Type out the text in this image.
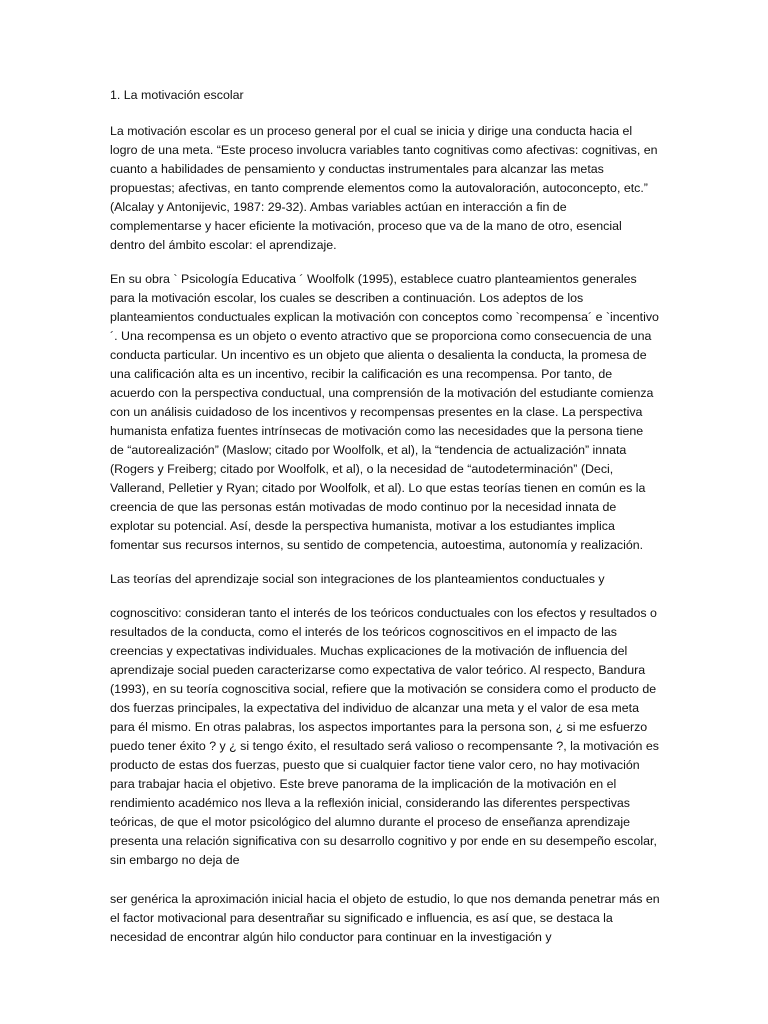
1. La motivación escolar

La motivación escolar es un proceso general por el cual se inicia y dirige una conducta hacia el logro de una meta. “Este proceso involucra variables tanto cognitivas como afectivas: cognitivas, en cuanto a habilidades de pensamiento y conductas instrumentales para alcanzar las metas propuestas; afectivas, en tanto comprende elementos como la autovaloración, autoconcepto, etc.” (Alcalay y Antonijevic, 1987: 29-32). Ambas variables actúan en interacción a fin de complementarse y hacer eficiente la motivación, proceso que va de la mano de otro, esencial dentro del ámbito escolar: el aprendizaje.

En su obra ` Psicología Educativa ´ Woolfolk (1995), establece cuatro planteamientos generales para la motivación escolar, los cuales se describen a continuación. Los adeptos de los planteamientos conductuales explican la motivación con conceptos como `recompensa´ e `incentivo´. Una recompensa es un objeto o evento atractivo que se proporciona como consecuencia de una conducta particular. Un incentivo es un objeto que alienta o desalienta la conducta, la promesa de una calificación alta es un incentivo, recibir la calificación es una recompensa. Por tanto, de acuerdo con la perspectiva conductual, una comprensión de la motivación del estudiante comienza con un análisis cuidadoso de los incentivos y recompensas presentes en la clase. La perspectiva humanista enfatiza fuentes intrínsecas de motivación como las necesidades que la persona tiene de “autorealización” (Maslow; citado por Woolfolk, et al), la “tendencia de actualización” innata (Rogers y Freiberg; citado por Woolfolk, et al), o la necesidad de “autodeterminación” (Deci, Vallerand, Pelletier y Ryan; citado por Woolfolk, et al). Lo que estas teorías tienen en común es la creencia de que las personas están motivadas de modo continuo por la necesidad innata de explotar su potencial. Así, desde la perspectiva humanista, motivar a los estudiantes implica fomentar sus recursos internos, su sentido de competencia, autoestima, autonomía y realización.

Las teorías del aprendizaje social son integraciones de los planteamientos conductuales y

cognoscitivo: consideran tanto el interés de los teóricos conductuales con los efectos y resultados o resultados de la conducta, como el interés de los teóricos cognoscitivos en el impacto de las creencias y expectativas individuales. Muchas explicaciones de la motivación de influencia del aprendizaje social pueden caracterizarse como expectativa de valor teórico. Al respecto, Bandura (1993), en su teoría cognoscitiva social, refiere que la motivación se considera como el producto de dos fuerzas principales, la expectativa del individuo de alcanzar una meta y el valor de esa meta para él mismo. En otras palabras, los aspectos importantes para la persona son, ¿ si me esfuerzo puedo tener éxito ? y ¿ si tengo éxito, el resultado será valioso o recompensante ?, la motivación es producto de estas dos fuerzas, puesto que si cualquier factor tiene valor cero, no hay motivación para trabajar hacia el objetivo. Este breve panorama de la implicación de la motivación en el rendimiento académico nos lleva a la reflexión inicial, considerando las diferentes perspectivas teóricas, de que el motor psicológico del alumno durante el proceso de enseñanza aprendizaje presenta una relación significativa con su desarrollo cognitivo y por ende en su desempeño escolar, sin embargo no deja de

ser genérica la aproximación inicial hacia el objeto de estudio, lo que nos demanda penetrar más en el factor motivacional para desentrañar su significado e influencia, es así que, se destaca la necesidad de encontrar algún hilo conductor para continuar en la investigación y
